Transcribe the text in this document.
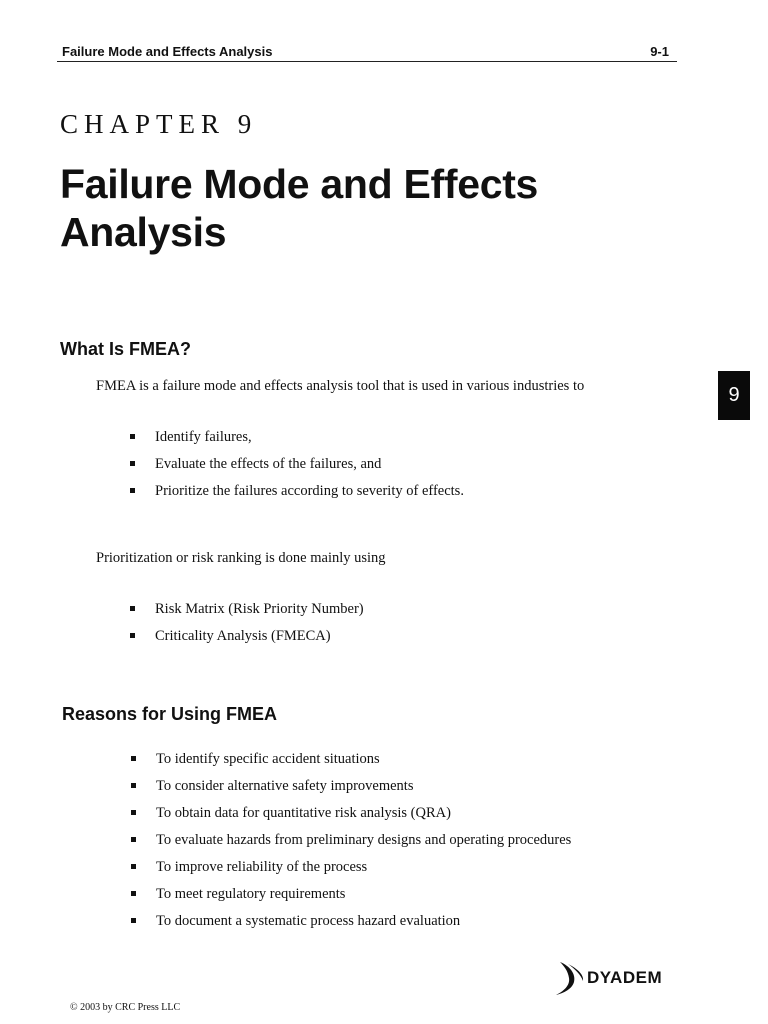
Failure Mode and Effects Analysis	9-1
CHAPTER 9
Failure Mode and Effects Analysis
9
What Is FMEA?

FMEA is a failure mode and effects analysis tool that is used in various industries to

Identify failures,
Evaluate the effects of the failures, and
Prioritize the failures according to severity of effects.

Prioritization or risk ranking is done mainly using

Risk Matrix (Risk Priority Number)
Criticality Analysis (FMECA)
Reasons for Using FMEA
To identify specific accident situations
To consider alternative safety improvements
To obtain data for quantitative risk analysis (QRA)
To evaluate hazards from preliminary designs and operating procedures
To improve reliability of the process
To meet regulatory requirements
To document a systematic process hazard evaluation
DYADEM
© 2003 by CRC Press LLC
